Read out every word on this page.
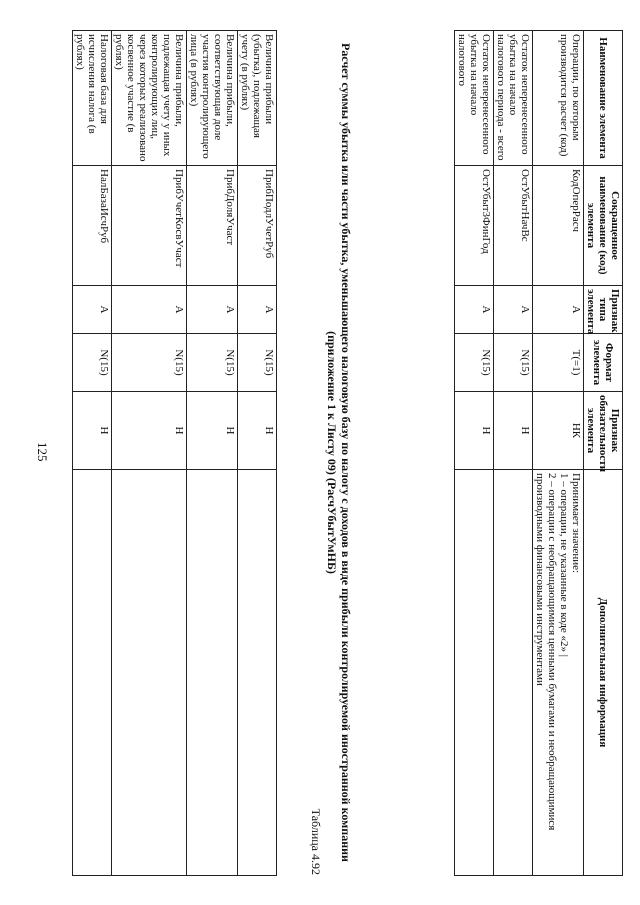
125
Величина прибыли (убытка), подлежащая учету (в рублях)	ПрибПодлУчетРуб	А	N(15)	Н	
Величина прибыли, соответствующая доле участия контролирующего лица (в рублях)	ПрибДоляУчаст	А	N(15)	Н	
Величина прибыли, подлежащая учету у иных контролирующих лиц, через которых реализовано косвенное участие (в рублях)	ПрибУчетКосвУчаст	А	N(15)	Н	
Налоговая база для исчисления налога (в рублях)	НалБазаИсчРуб	А	N(15)	Н	
Таблица 4.92	Расчет суммы убытка или части убытка, уменьшающего налоговую базу по налогу с доходов в виде прибыли контролируемой иностранной компании (приложение 1 к Листу 09) (РасчУбытУмНБ)
Наименование элемента	Сокращенное наименование (код) элемента	Признак типа элемента	Формат элемента	Признак обязательности элемента	Дополнительная информация
Операции, по которым производится расчет (код)	КодОперРасч	А	T(=1)	НК	Принимает значение:
1 – операции, не указанные в коде «2» |
2 – операции с необращающимися ценными бумагами и необращающимися производными финансовыми инструментами
Остаток неперенесенного убытка на начало налогового периода - всего	ОстУбытНачВс	А	N(15)	Н	
Остаток неперенесенного убытка на начало налогового	ОстУбыт3ФинГод	А	N(15)	Н	
